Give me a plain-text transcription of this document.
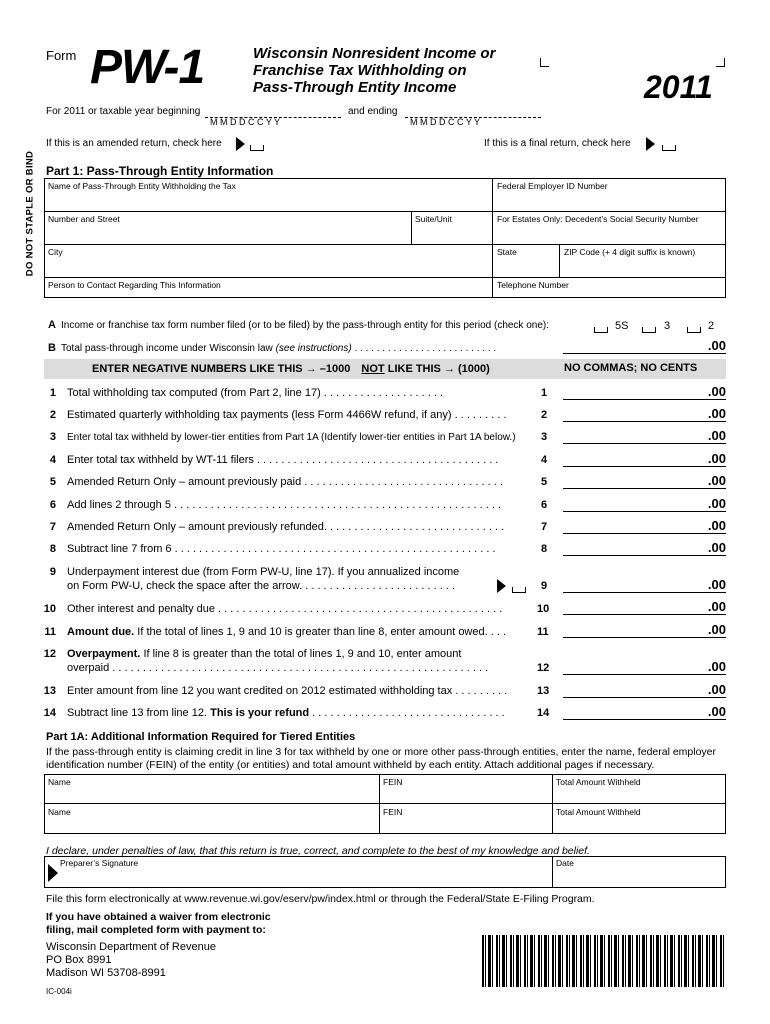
DO NOT STAPLE OR BIND
Form PW-1	Wisconsin Nonresident Income or
Franchise Tax Withholding on
Pass-Through Entity Income	2011
For 2011 or taxable year beginning
M M D D C C Y Y
and ending
M M D D C C Y Y
If this is an amended return, check here	If this is a final return, check here
Part 1: Pass-Through Entity Information
Name of Pass-Through Entity Withholding the Tax	Federal Employer ID Number
Number and Street	Suite/Unit	For Estates Only: Decedent’s Social Security Number
City	State	ZIP Code (+ 4 digit suffix is known)
Person to Contact Regarding This Information	Telephone Number
A Income or franchise tax form number filed (or to be filed) by the pass-through entity for this period (check one):	5S	3	2
B Total pass-through income under Wisconsin law (see instructions) . . . . . . . . . . . . . . . . . . . . . . . . . .	.00
ENTER NEGATIVE NUMBERS LIKE THIS → –1000 NOT LIKE THIS → (1000)	NO COMMAS; NO CENTS
1 Total withholding tax computed (from Part 2, line 17) . . . . . . . . . . . . . . . . . . . .	1	.00
2 Estimated quarterly withholding tax payments (less Form 4466W refund, if any) . . . . . . . . .	2	.00
3 Enter total tax withheld by lower-tier entities from Part 1A (Identify lower-tier entities in Part 1A below.) 3	.00
4 Enter total tax withheld by WT-11 filers . . . . . . . . . . . . . . . . . . . . . . . . . . . . . . . . . . . . . . . .	4	.00
5 Amended Return Only – amount previously paid . . . . . . . . . . . . . . . . . . . . . . . . . . . . . . . . .	5	.00
6 Add lines 2 through 5 . . . . . . . . . . . . . . . . . . . . . . . . . . . . . . . . . . . . . . . . . . . . . . . . . . . . . .	6	.00
7 Amended Return Only – amount previously refunded. . . . . . . . . . . . . . . . . . . . . . . . . . . . . .	7	.00
8 Subtract line 7 from 6 . . . . . . . . . . . . . . . . . . . . . . . . . . . . . . . . . . . . . . . . . . . . . . . . . . . . .	8	.00
9 Underpayment interest due (from Form PW-U, line 17). If you annualized income
on Form PW-U, check the space after the arrow. . . . . . . . . . . . . . . . . . . . . . . . . .	9	.00
10 Other interest and penalty due . . . . . . . . . . . . . . . . . . . . . . . . . . . . . . . . . . . . . . . . . . . . . . .	10	.00
11 Amount due. If the total of lines 1, 9 and 10 is greater than line 8, enter amount owed. . . .	11	.00
12 Overpayment. If line 8 is greater than the total of lines 1, 9 and 10, enter amount
overpaid . . . . . . . . . . . . . . . . . . . . . . . . . . . . . . . . . . . . . . . . . . . . . . . . . . . . . . . . . . . . . .	12	.00
13 Enter amount from line 12 you want credited on 2012 estimated withholding tax . . . . . . . . .	13	.00
14 Subtract line 13 from line 12. This is your refund . . . . . . . . . . . . . . . . . . . . . . . . . . . . . . . .	14	.00
Part 1A: Additional Information Required for Tiered Entities
If the pass-through entity is claiming credit in line 3 for tax withheld by one or more other pass-through entities, enter the name, federal employer identification number (FEIN) of the entity (or entities) and total amount withheld by each entity. Attach additional pages if necessary.
Name	FEIN	Total Amount Withheld
Name	FEIN	Total Amount Withheld
I declare, under penalties of law, that this return is true, correct, and complete to the best of my knowledge and belief.
Preparer’s Signature	Date
File this form electronically at www.revenue.wi.gov/eserv/pw/index.html or through the Federal/State E-Filing Program.
If you have obtained a waiver from electronic
filing, mail completed form with payment to:
Wisconsin Department of Revenue
PO Box 8991
Madison WI 53708-8991
IC-004i
